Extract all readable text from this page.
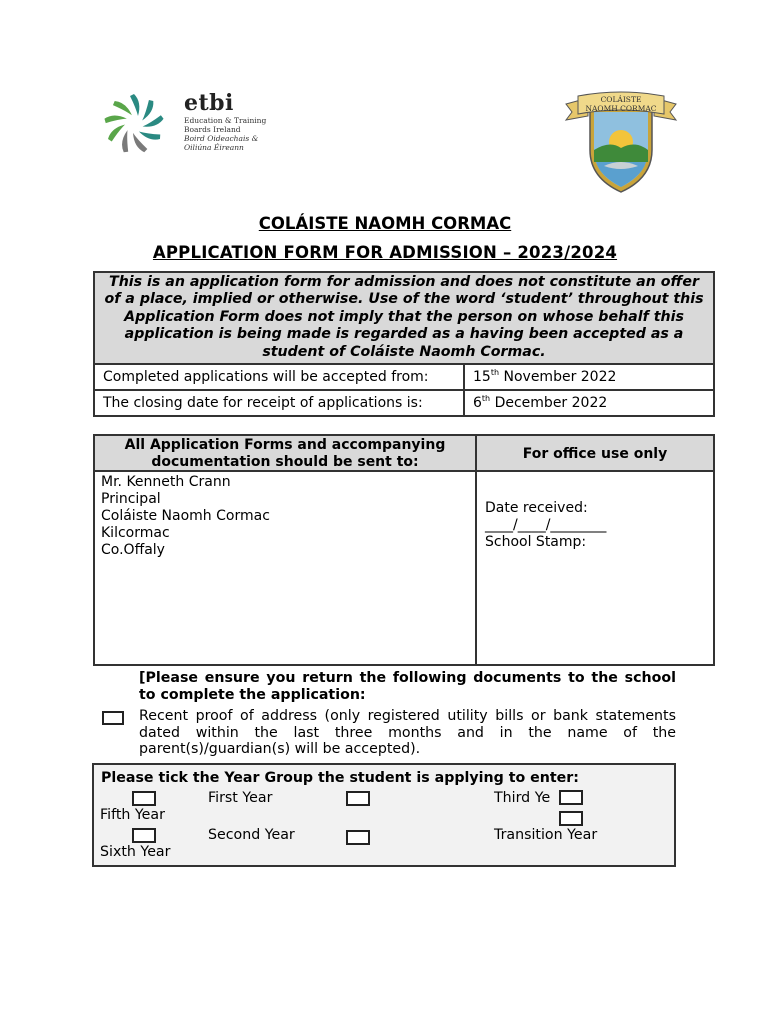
etbi
Education & Training
Boards Ireland
Boird Oideachais &
Oiliúna Éireann
COLÁISTE
NAOMH CORMAC
COLÁISTE NAOMH CORMAC
APPLICATION FORM FOR ADMISSION – 2023/2024
This is an application form for admission and does not constitute an offer of a place, implied or otherwise. Use of the word ‘student’ throughout this Application Form does not imply that the person on whose behalf this application is being made is regarded as a having been accepted as a student of Coláiste Naomh Cormac.
Completed applications will be accepted from:	15th November 2022
The closing date for receipt of applications is:	6th December 2022
All Application Forms and accompanying documentation should be sent to:	For office use only
Mr. Kenneth Crann
Principal
Coláiste Naomh Cormac
Kilcormac
Co.Offaly
Date received:
____/____/________
School Stamp:
[Please ensure you return the following documents to the school to complete the application:
Recent proof of address (only registered utility bills or bank statements dated within the last three months and in the name of the parent(s)/guardian(s) will be accepted).
Please tick the Year Group the student is applying to enter:
First Year	Third Ye
Fifth Year
Second Year	Transition Year
Sixth Year
